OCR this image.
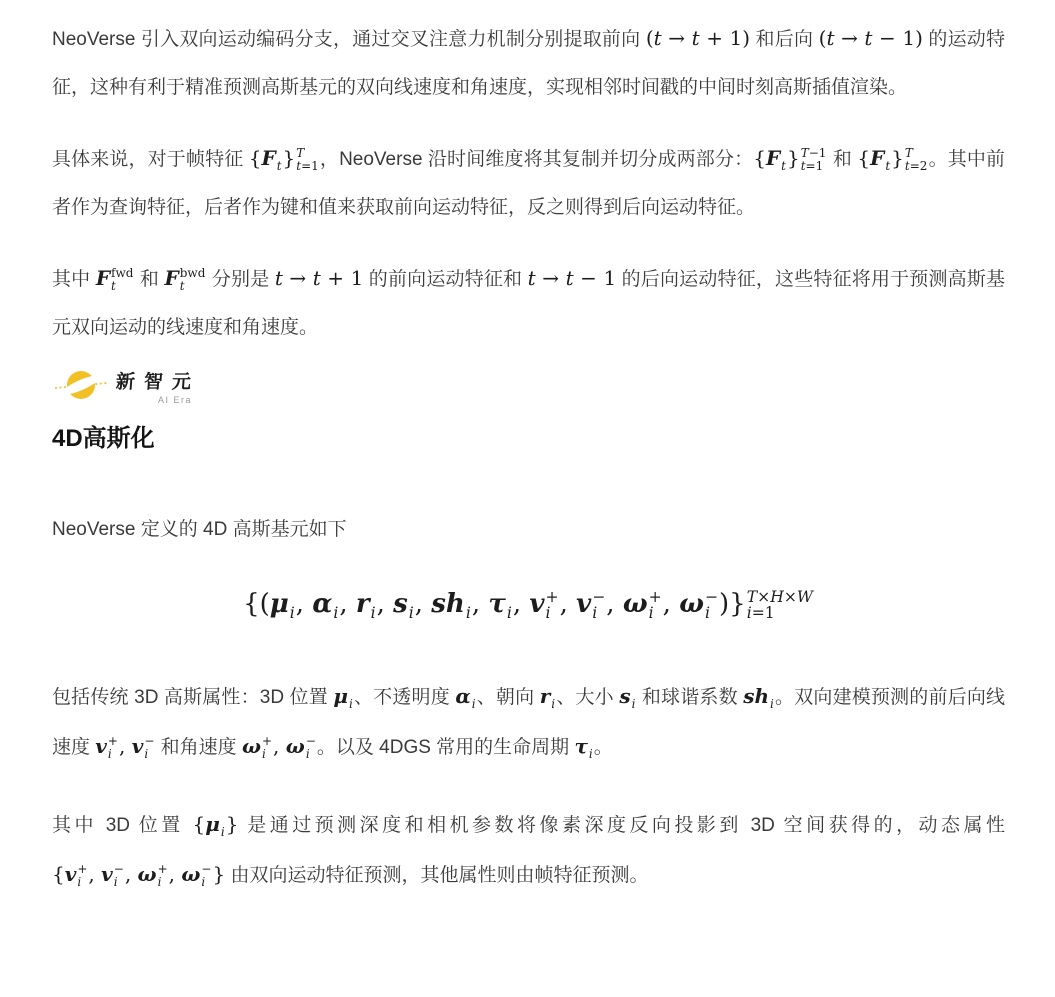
NeoVerse 引入双向运动编码分支，通过交叉注意力机制分别提取前向 (t → t + 1) 和后向 (t → t − 1) 的运动特征，这种有利于精准预测高斯基元的双向线速度和角速度，实现相邻时间戳的中间时刻高斯插值渲染。

具体来说，对于帧特征 {F t } T
t=1 ，NeoVerse 沿时间维度将其复制并切分成两部分：{F t } T−1
t=1 和 {F t } T
t=2 。其中前者作为查询特征，后者作为键和值来获取前向运动特征，反之则得到后向运动特征。

其中 F fwd
t 和 F bwd
t 分别是 t → t + 1 的前向运动特征和 t → t − 1 的后向运动特征，这些特征将用于预测高斯基元双向运动的线速度和角速度。

新智元
AI Era
4D高斯化

NeoVerse 定义的 4D 高斯基元如下

{(μ i , α i , r i , s i , sh i , τ i , v +
i , v −
i , ω +
i , ω −
i )} T×H×W
i=1

包括传统 3D 高斯属性：3D 位置 μ i 、不透明度 α i 、朝向 r i 、大小 s i 和球谐系数 sh i 。双向建模预测的前后向线速度 v +
i , v −
i 和角速度 ω +
i , ω −
i 。以及 4DGS 常用的生命周期 τ i 。

其中 3D 位置 {μ i } 是通过预测深度和相机参数将像素深度反向投影到 3D 空间获得的，动态属性 {v +
i , v −
i , ω +
i , ω −
i } 由双向运动特征预测，其他属性则由帧特征预测。
